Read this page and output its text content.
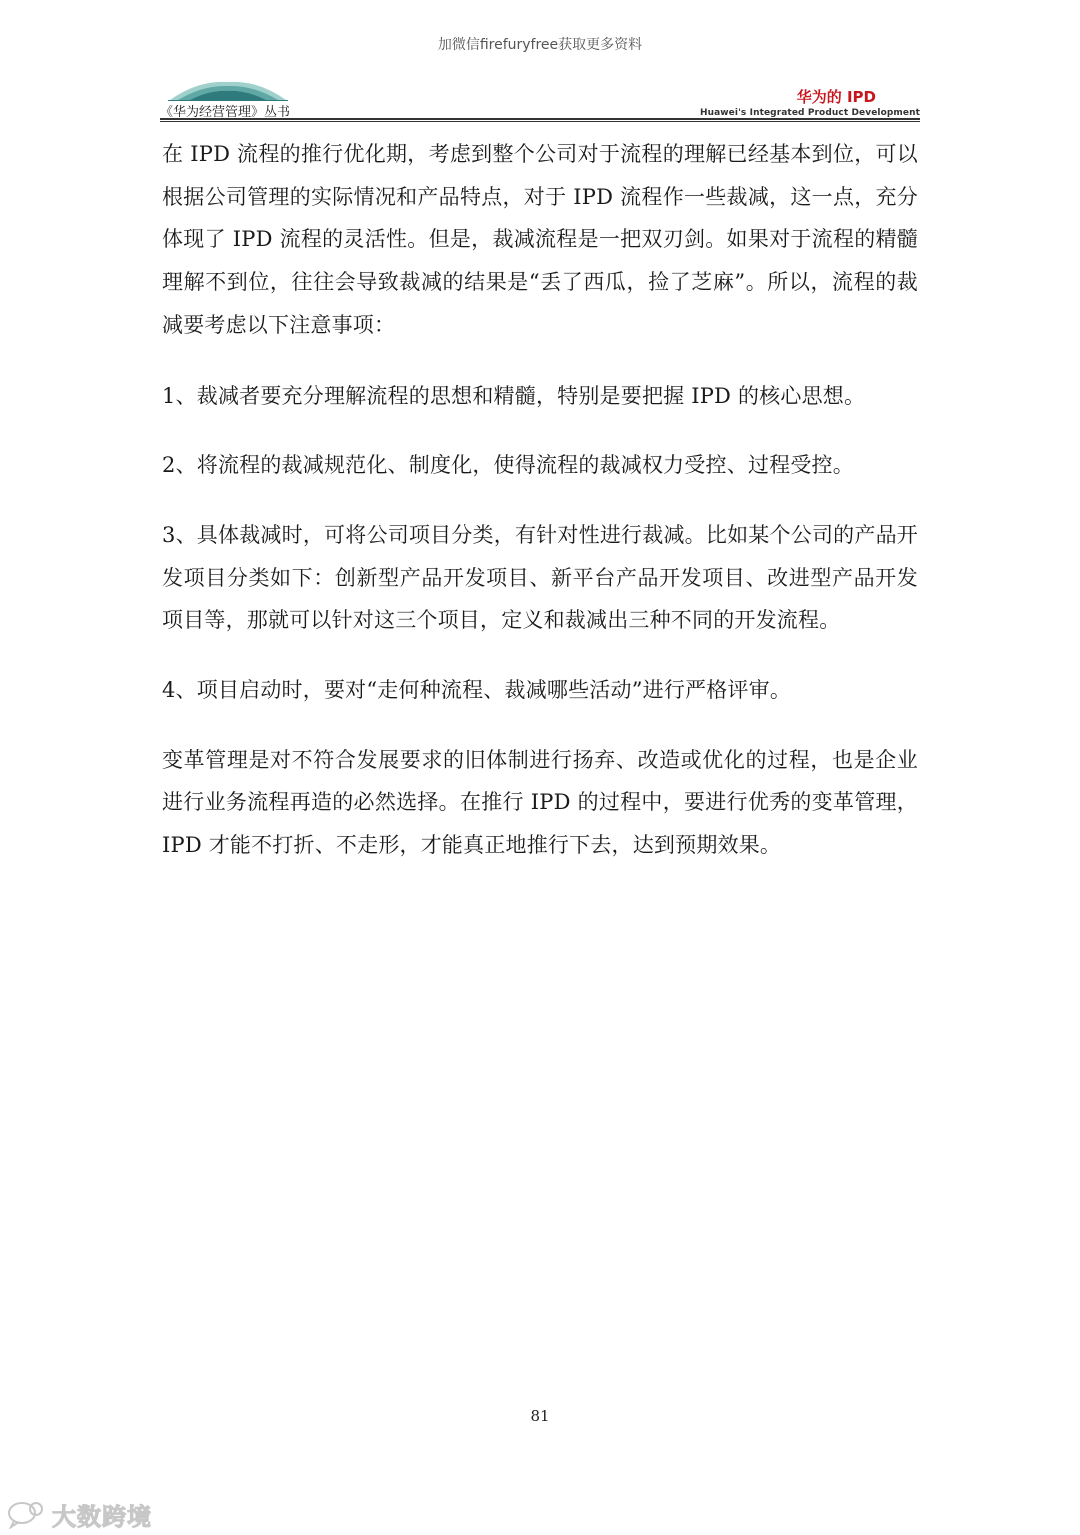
加微信firefuryfree获取更多资料
《华为经营管理》丛书
华为的 IPD
Huawei's Integrated Product Development

在 IPD 流程的推行优化期，考虑到整个公司对于流程的理解已经基本到位，可以根据公司管理的实际情况和产品特点，对于 IPD 流程作一些裁减，这一点，充分体现了 IPD 流程的灵活性。但是，裁减流程是一把双刃剑。如果对于流程的精髓理解不到位，往往会导致裁减的结果是“丢了西瓜，捡了芝麻”。所以，流程的裁减要考虑以下注意事项：

1、裁减者要充分理解流程的思想和精髓，特别是要把握 IPD 的核心思想。

2、将流程的裁减规范化、制度化，使得流程的裁减权力受控、过程受控。

3、具体裁减时，可将公司项目分类，有针对性进行裁减。比如某个公司的产品开发项目分类如下：创新型产品开发项目、新平台产品开发项目、改进型产品开发项目等，那就可以针对这三个项目，定义和裁减出三种不同的开发流程。

4、项目启动时，要对“走何种流程、裁减哪些活动”进行严格评审。

变革管理是对不符合发展要求的旧体制进行扬弃、改造或优化的过程，也是企业进行业务流程再造的必然选择。在推行 IPD 的过程中，要进行优秀的变革管理，IPD 才能不打折、不走形，才能真正地推行下去，达到预期效果。

81
大数跨境
